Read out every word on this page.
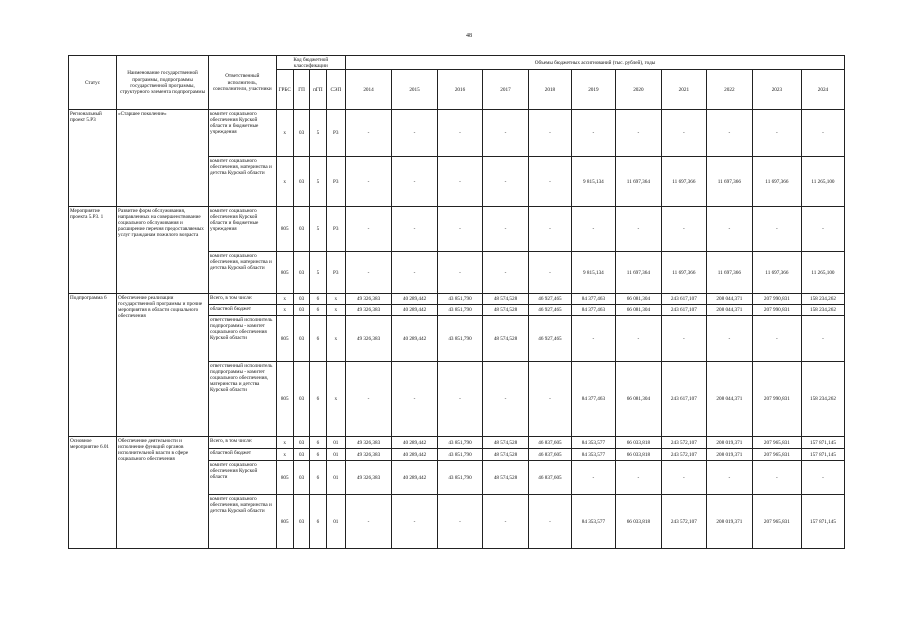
48
Статус	Наименование государственной программы, подпрограммы государственной программы, структурного элемента подпрограммы	Ответственный исполнитель, соисполнители, участники	Код бюджетной классификации				Объемы бюджетных ассигнований (тыс. рублей), годы										
			ГРБС	ГП	пГП	СЭП	2014	2015	2016	2017	2018	2019	2020	2021	2022	2023	2024
Региональный проект 5.Р3	«Старшее поколение»	комитет социального обеспечения Курской области и бюджетные учреждения	x	03	5	Р3	-	-	-	-	-	-	-	-	-	-	-
		комитет социального обеспечения, материнства и детства Курской области	x	03	5	Р3	-	-	-	-	-	9 815,134	11 697,364	11 697,366	11 697,366	11 697,366	11 265,100
Мероприятие проекта 5.Р3. 1	Развитие форм обслуживания, направленных на совершенствование социального обслуживания и расширение перечня предоставляемых услуг гражданам пожилого возраста	комитет социального обеспечения Курской области и бюджетные учреждения	805	03	5	Р3	-	-	-	-	-	-	-	-	-	-	-
		комитет социального обеспечения, материнства и детства Курской области	805	03	5	Р3	-	-	-	-	-	9 815,134	11 697,364	11 697,366	11 697,366	11 697,366	11 265,100
Подпрограмма 6	Обеспечение реализации государственной программы и прочие мероприятия в области социального обеспечения	Всего, в том числе:	x	03	6	x	49 326,383	40 289,442	43 851,790	48 574,528	46 927,465	84 377,463	66 081,304	243 617,107	208 044,371	207 990,831	158 234,262
		областной бюджет	x	03	6	x	49 326,383	40 289,442	43 851,790	48 574,528	46 927,465	84 377,463	66 081,304	243 617,107	208 044,371	207 990,831	158 234,262
		ответственный исполнитель подпрограммы - комитет социального обеспечения Курской области	805	03	6	x	49 326,383	40 289,442	43 851,790	48 574,528	46 927,465	-	-	-	-	-	-
		ответственный исполнитель подпрограммы - комитет социального обеспечения, материнства и детства Курской области	805	03	6	x	-	-	-	-	-	84 377,463	66 081,304	243 617,107	208 044,371	207 990,831	158 234,262
Основное мероприятие 6.01	Обеспечение деятельности и исполнение функций органов исполнительной власти в сфере социального обеспечения	Всего, в том числе:	x	03	6	01	49 326,383	40 289,442	43 851,790	48 574,528	46 837,605	84 353,577	66 033,818	243 572,107	208 019,371	207 965,831	157 871,145
		областной бюджет	x	03	6	01	49 326,383	40 289,442	43 851,790	48 574,528	46 837,605	84 353,577	66 033,818	243 572,107	208 019,371	207 965,831	157 871,145
		комитет социального обеспечения Курской области	805	03	6	01	49 326,383	40 289,442	43 851,790	48 574,528	46 837,605	-	-	-	-	-	-
		комитет социального обеспечения, материнства и детства Курской области	805	03	6	01	-	-	-	-	-	84 353,577	66 033,818	243 572,107	208 019,371	207 965,831	157 871,145
